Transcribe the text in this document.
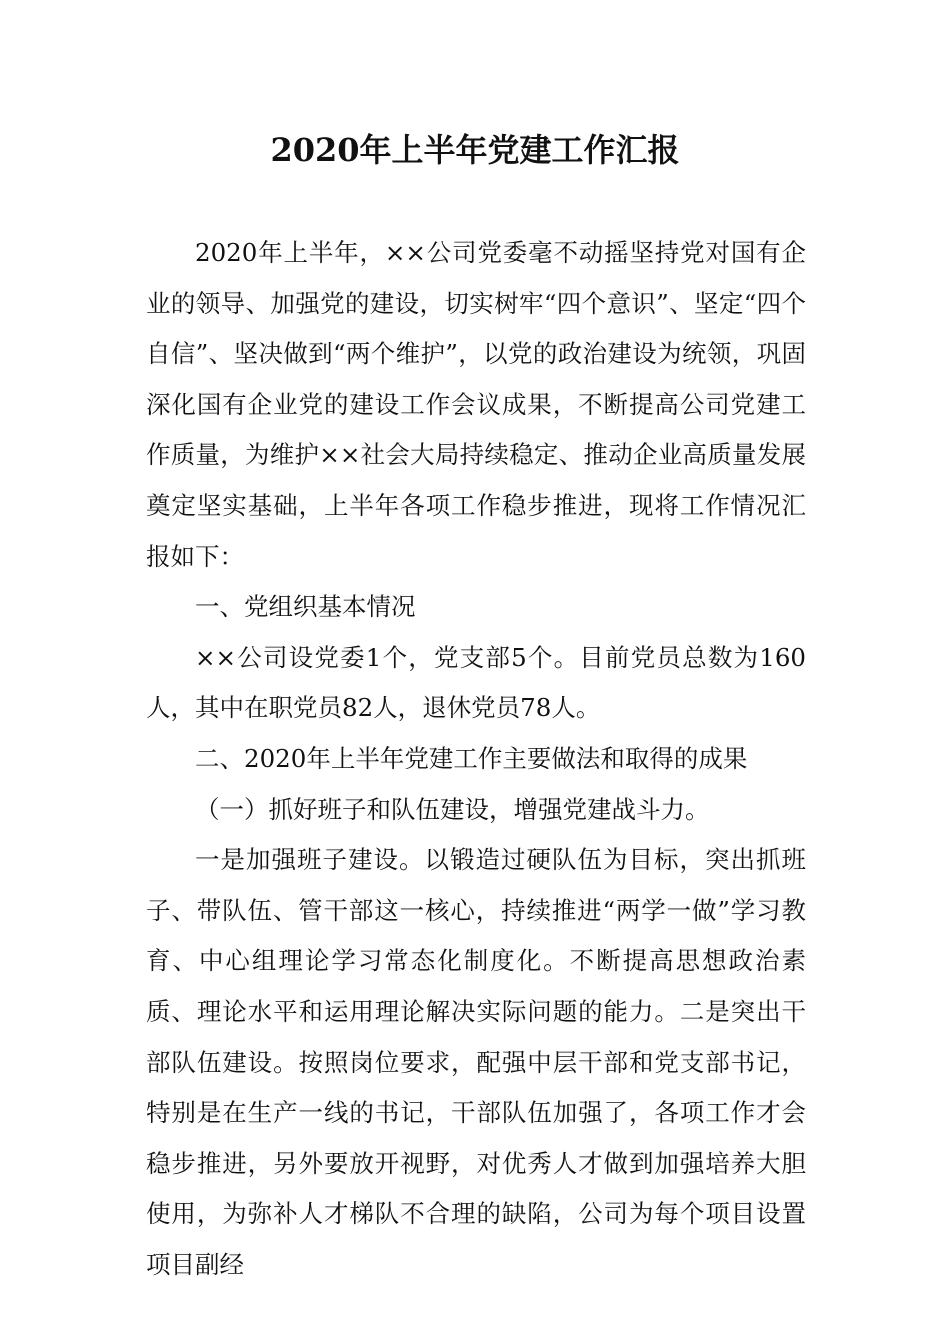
2020年上半年党建工作汇报

2020年上半年，××公司党委毫不动摇坚持党对国有企业的领导、加强党的建设，切实树牢“四个意识”、坚定“四个自信”、坚决做到“两个维护”，以党的政治建设为统领，巩固深化国有企业党的建设工作会议成果，不断提高公司党建工作质量，为维护××社会大局持续稳定、推动企业高质量发展奠定坚实基础，上半年各项工作稳步推进，现将工作情况汇报如下：

一、党组织基本情况

××公司设党委1个，党支部5个。目前党员总数为160人，其中在职党员82人，退休党员78人。

二、2020年上半年党建工作主要做法和取得的成果

（一）抓好班子和队伍建设，增强党建战斗力。

一是加强班子建设。以锻造过硬队伍为目标，突出抓班子、带队伍、管干部这一核心，持续推进“两学一做”学习教育、中心组理论学习常态化制度化。不断提高思想政治素质、理论水平和运用理论解决实际问题的能力。二是突出干部队伍建设。按照岗位要求，配强中层干部和党支部书记，特别是在生产一线的书记，干部队伍加强了，各项工作才会稳步推进，另外要放开视野，对优秀人才做到加强培养大胆使用，为弥补人才梯队不合理的缺陷，公司为每个项目设置项目副经
